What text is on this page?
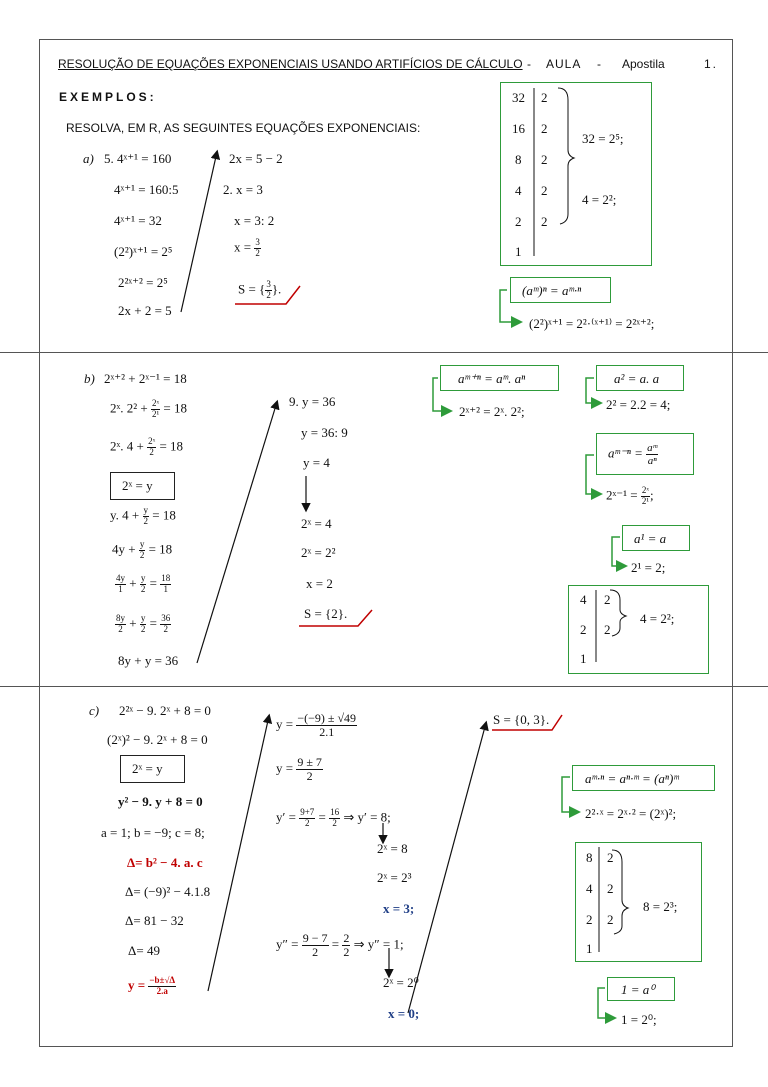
RESOLUÇÃO DE EQUAÇÕES EXPONENCIAIS USANDO ARTIFÍCIOS DE CÁLCULO - AULA - Apostila	1.
EXEMPLOS:
RESOLVA, EM R, AS SEGUINTES EQUAÇÕES EXPONENCIAIS:
a) 5. 4ˣ⁺¹ = 160
4ˣ⁺¹ = 160:5
4ˣ⁺¹ = 32
(2²)ˣ⁺¹ = 2⁵
2²ˣ⁺² = 2⁵
2x + 2 = 5
2x = 5 − 2
2. x = 3
x = 3: 2
$x = \frac{3}{2}$
S = { $\frac{3}{2}$ }.
32
16
8
4
2
1
2
2
2
2
2
32 = 2⁵;
4 = 2²;
(aᵐ)ⁿ = aᵐ·ⁿ
(2²)ˣ⁺¹ = 2²·⁽ˣ⁺¹⁾ = 2²ˣ⁺²;
b) 2ˣ⁺² + 2ˣ⁻¹ = 18
2ˣ. $2^2 + \frac{\text{2ˣ}}{\text{2¹}} = 18$
2ˣ. $4 + \frac{\text{2ˣ}}{2} = 18$
2ˣ = y
y. $4 + \frac{y}{2} = 18$
$4y + \frac{y}{2} = 18$
$\frac{4y}{1} + \frac{y}{2} = \frac{18}{1}$
$\frac{8y}{2} + \frac{y}{2} = \frac{36}{2}$
8y + y = 36
9. y = 36
y = 36: 9
y = 4
2ˣ = 4
2ˣ = 2²
x = 2
S = {2}.
aᵐ⁺ⁿ = aᵐ. aⁿ
2ˣ⁺² = 2ˣ. 2²;
a² = a. a
2² = 2.2 = 4;
aᵐ⁻ⁿ = $\frac{\text{aᵐ}}{\text{aⁿ}}$
2ˣ⁻¹ = $\frac{\text{2ˣ}}{\text{2¹}}$ ;
a¹ = a
2¹ = 2;
4
2
1
2
2
4 = 2²;
c) 2²ˣ − 9. 2ˣ + 8 = 0
(2ˣ)² − 9. 2ˣ + 8 = 0
2ˣ = y
y² − 9. y + 8 = 0
a = 1; b = −9; c = 8;
Δ= b² − 4. a. c
Δ= (−9)² − 4.1.8
Δ= 81 − 32
Δ= 49
$y = \frac{-b\pm√\Delta}{2.a}$
$y = \frac{-(-9) \pm √49}{2.1}$
$y = \frac{9 \pm 7}{2}$
$y' = \frac{9+7}{2} = \frac{16}{2}$ ⇒ y′ = 8;
2ˣ = 8
2ˣ = 2³
x = 3;
$y'' = \frac{9 - 7}{2} = \frac{2}{2}$ ⇒ y″ = 1;
2ˣ = 2⁰
x = 0;
S = {0, 3}.
aᵐ·ⁿ = aⁿ·ᵐ = (aⁿ)ᵐ
2²·ˣ = 2ˣ·² = (2ˣ)²;
8
4
2
1
2
2
2
8 = 2³;
1 = a⁰
1 = 2⁰;
